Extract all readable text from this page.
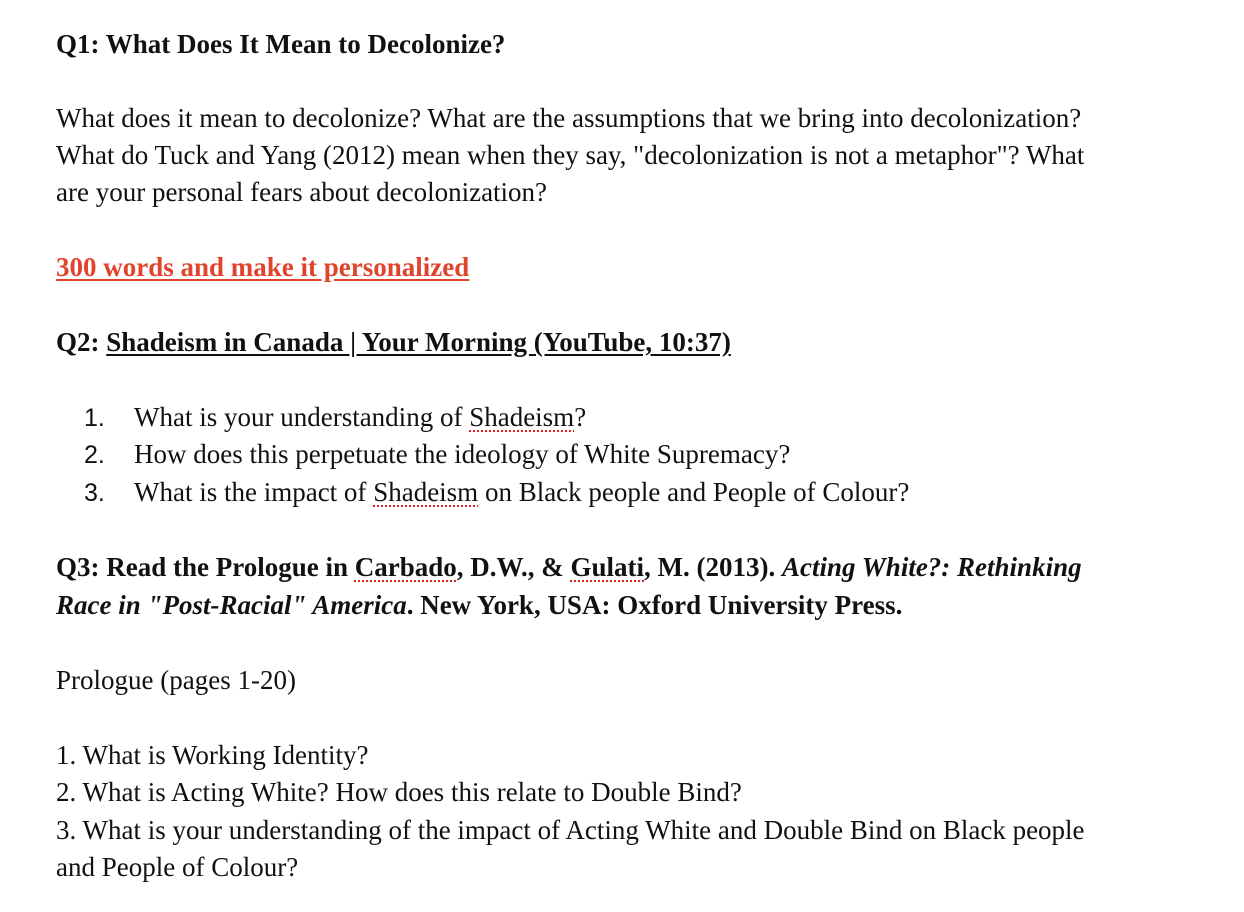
Q1: What Does It Mean to Decolonize?
What does it mean to decolonize? What are the assumptions that we bring into decolonization?
What do Tuck and Yang (2012) mean when they say, "decolonization is not a metaphor"? What
are your personal fears about decolonization?
300 words and make it personalized
Q2: Shadeism in Canada | Your Morning (YouTube, 10:37)
1. What is your understanding of Shadeism?
2. How does this perpetuate the ideology of White Supremacy?
3. What is the impact of Shadeism on Black people and People of Colour?
Q3: Read the Prologue in Carbado, D.W., & Gulati, M. (2013). Acting White?: Rethinking
Race in "Post-Racial" America. New York, USA: Oxford University Press.
Prologue (pages 1-20)
1. What is Working Identity?
2. What is Acting White? How does this relate to Double Bind?
3. What is your understanding of the impact of Acting White and Double Bind on Black people
and People of Colour?
